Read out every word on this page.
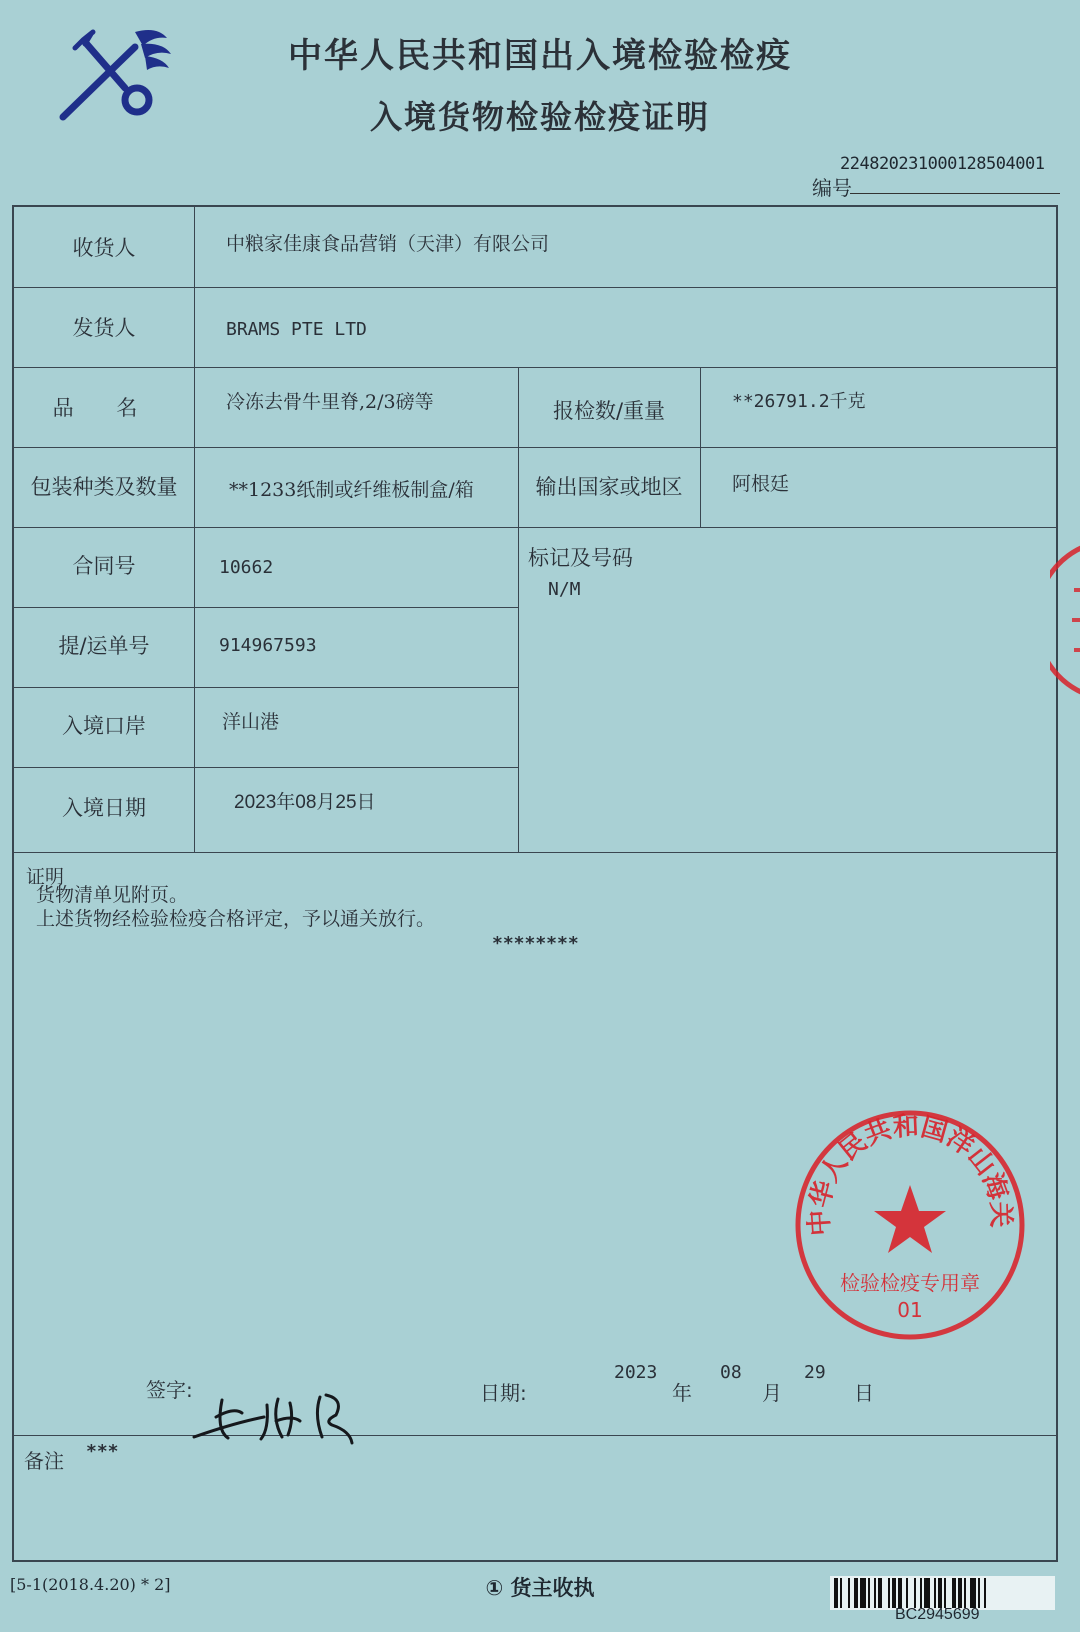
中华人民共和国出入境检验检疫
入境货物检验检疫证明
224820231000128504001
编号
收货人	中粮家佳康食品营销（天津）有限公司
发货人	BRAMS PTE LTD
品 名	冷冻去骨牛里脊,2/3磅等	报检数/重量	**26791.2千克
包装种类及数量	**1233纸制或纤维板制盒/箱	输出国家或地区	阿根廷
合同号	10662
提/运单号	914967593
入境口岸	洋山港
入境日期	2023年08月25日
标记及号码
N/M
证明
货物清单见附页。
上述货物经检验检疫合格评定，予以通关放行。
********
签字:	日期:
2023
年
08
月
29
日
备注 ***
中华人民共和国洋山海关
检验检疫专用章
01
[5-1(2018.4.20) * 2]	① 货主收执
BC2945699
